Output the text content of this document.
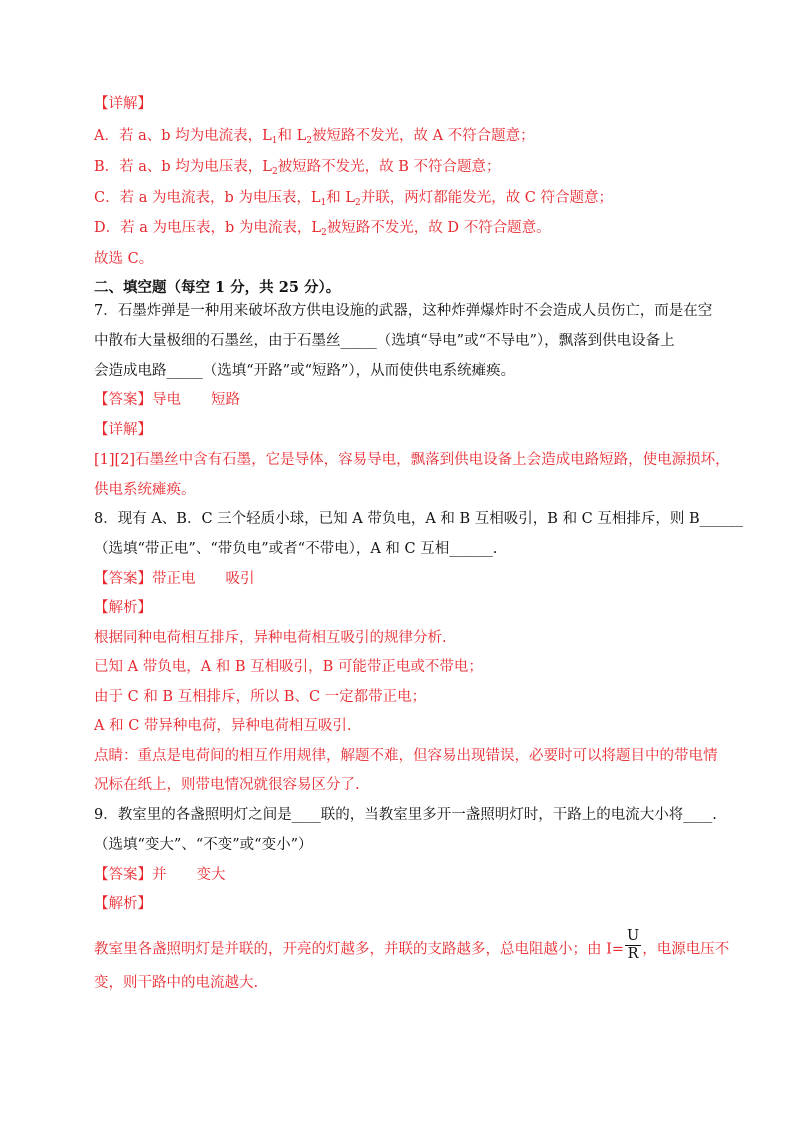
【详解】
A．若 a、b 均为电流表，$L_1$和 $L_2$被短路不发光，故 A 不符合题意；
B．若 a、b 均为电压表，$L_2$被短路不发光，故 B 不符合题意；
C．若 a 为电流表，b 为电压表，$L_1$和 $L_2$并联，两灯都能发光，故 C 符合题意；
D．若 a 为电压表，b 为电流表，$L_2$被短路不发光，故 D 不符合题意。
故选 C。
二、填空题（每空 1 分，共 25 分）。
7．石墨炸弹是一种用来破坏敌方供电设施的武器，这种炸弹爆炸时不会造成人员伤亡，而是在空
中散布大量极细的石墨丝，由于石墨丝_____（选填“导电”或“不导电”），飘落到供电设备上
会造成电路_____（选填“开路”或“短路”），从而使供电系统瘫痪。
【答案】导电 短路
【详解】
[1][2]石墨丝中含有石墨，它是导体，容易导电，飘落到供电设备上会造成电路短路，使电源损坏，
供电系统瘫痪。
8．现有 A、B．C 三个轻质小球，已知 A 带负电，A 和 B 互相吸引，B 和 C 互相排斥，则 B______
（选填“带正电”、“带负电”或者“不带电），A 和 C 互相______.
【答案】带正电 吸引
【解析】
根据同种电荷相互排斥，异种电荷相互吸引的规律分析.
已知 A 带负电，A 和 B 互相吸引，B 可能带正电或不带电；
由于 C 和 B 互相排斥，所以 B、C 一定都带正电；
A 和 C 带异种电荷，异种电荷相互吸引.
点睛：重点是电荷间的相互作用规律，解题不难，但容易出现错误，必要时可以将题目中的带电情
况标在纸上，则带电情况就很容易区分了.
9．教室里的各盏照明灯之间是____联的，当教室里多开一盏照明灯时，干路上的电流大小将____.
（选填“变大”、“不变”或“变小”）
【答案】并 变大
【解析】
教室里各盏照明灯是并联的，开亮的灯越多，并联的支路越多，总电阻越小；由 $I= \frac{U}{R}$ ，电源电压不
变，则干路中的电流越大.
